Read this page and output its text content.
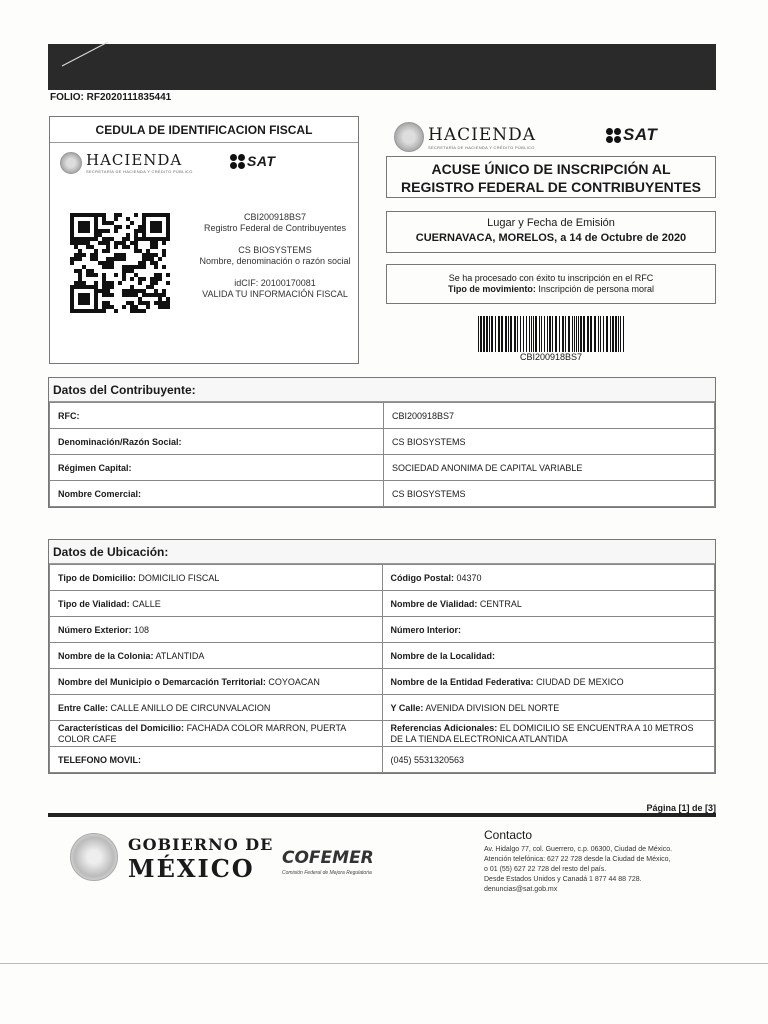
FOLIO: RF2020111835441
CEDULA DE IDENTIFICACION FISCAL
HACIENDA
SECRETARÍA DE HACIENDA Y CRÉDITO PÚBLICO
SAT
CBI200918BS7
Registro Federal de Contribuyentes
CS BIOSYSTEMS
Nombre, denominación o razón social
idCIF: 20100170081
VALIDA TU INFORMACIÓN FISCAL
HACIENDA
SECRETARÍA DE HACIENDA Y CRÉDITO PÚBLICO
SAT
ACUSE ÚNICO DE INSCRIPCIÓN AL
REGISTRO FEDERAL DE CONTRIBUYENTES
Lugar y Fecha de Emisión
CUERNAVACA, MORELOS, a 14 de Octubre de 2020
Se ha procesado con éxito tu inscripción en el RFC
Tipo de movimiento: Inscripción de persona moral
CBI200918BS7
Datos del Contribuyente:
RFC:	CBI200918BS7
Denominación/Razón Social:	CS BIOSYSTEMS
Régimen Capital:	SOCIEDAD ANONIMA DE CAPITAL VARIABLE
Nombre Comercial:	CS BIOSYSTEMS
Datos de Ubicación:
Tipo de Domicilio: DOMICILIO FISCAL	Código Postal: 04370
Tipo de Vialidad: CALLE	Nombre de Vialidad: CENTRAL
Número Exterior: 108	Número Interior:
Nombre de la Colonia: ATLANTIDA	Nombre de la Localidad:
Nombre del Municipio o Demarcación Territorial: COYOACAN	Nombre de la Entidad Federativa: CIUDAD DE MEXICO
Entre Calle: CALLE ANILLO DE CIRCUNVALACION	Y Calle: AVENIDA DIVISION DEL NORTE
Características del Domicilio: FACHADA COLOR MARRON, PUERTA COLOR CAFE	Referencias Adicionales: EL DOMICILIO SE ENCUENTRA A 10 METROS DE LA TIENDA ELECTRONICA ATLANTIDA
TELEFONO MOVIL:	(045) 5531320563
Página [1] de [3]
GOBIERNO DE
MÉXICO	COFEMER
Comisión Federal de Mejora Regulatoria
Contacto
Av. Hidalgo 77, col. Guerrero, c.p. 06300, Ciudad de México.
Atención telefónica: 627 22 728 desde la Ciudad de México,
o 01 (55) 627 22 728 del resto del país.
Desde Estados Unidos y Canadá 1 877 44 88 728.
denuncias@sat.gob.mx
